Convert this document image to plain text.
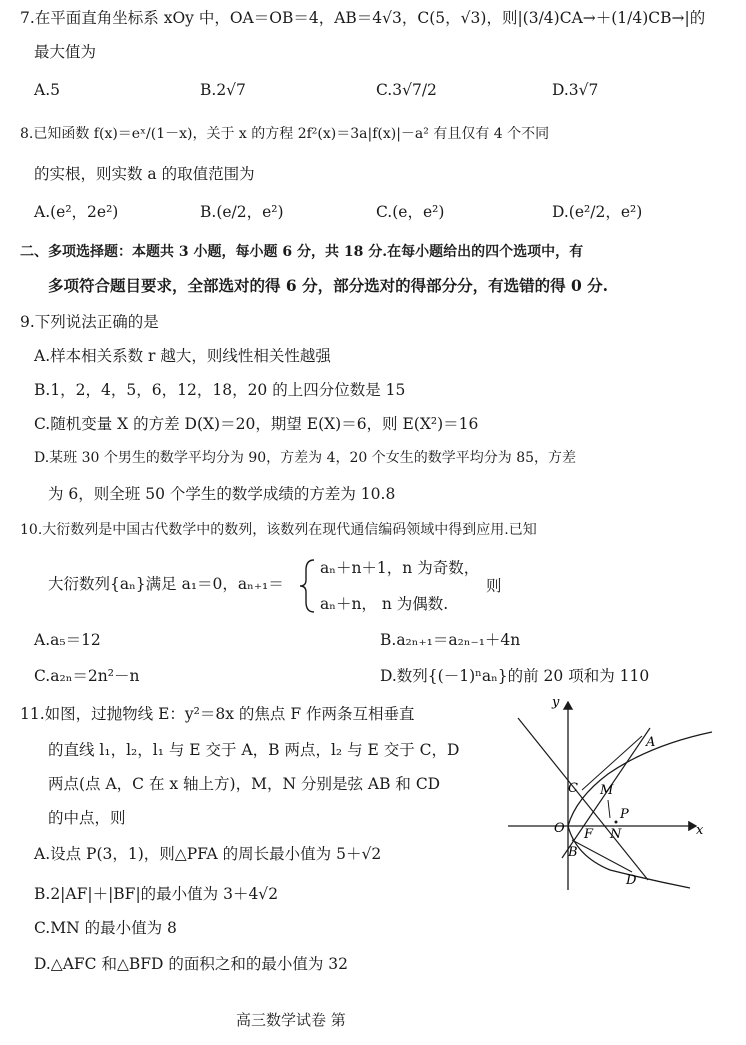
7.在平面直角坐标系 xOy 中，OA＝OB＝4，AB＝4√3，C(5，√3)，则|(3/4)CA→＋(1/4)CB→|的
最大值为
A.5	B.2√7	C.3√7/2	D.3√7
8.已知函数 f(x)＝eˣ/(1－x)，关于 x 的方程 2f²(x)＝3a|f(x)|－a² 有且仅有 4 个不同
的实根，则实数 a 的取值范围为
A.(e²，2e²)	B.(e/2，e²)	C.(e，e²)	D.(e²/2，e²)
二、多项选择题：本题共 3 小题，每小题 6 分，共 18 分.在每小题给出的四个选项中，有
多项符合题目要求，全部选对的得 6 分，部分选对的得部分分，有选错的得 0 分.
9.下列说法正确的是
A.样本相关系数 r 越大，则线性相关性越强
B.1，2，4，5，6，12，18，20 的上四分位数是 15
C.随机变量 X 的方差 D(X)＝20，期望 E(X)＝6，则 E(X²)＝16
D.某班 30 个男生的数学平均分为 90，方差为 4，20 个女生的数学平均分为 85，方差
为 6，则全班 50 个学生的数学成绩的方差为 10.8
10.大衍数列是中国古代数学中的数列，该数列在现代通信编码领域中得到应用.已知
大衍数列{aₙ}满足 a₁＝0，aₙ₊₁＝
aₙ＋n＋1，n 为奇数，
aₙ＋n， n 为偶数.
则
A.a₅＝12	B.a₂ₙ₊₁＝a₂ₙ₋₁＋4n
C.a₂ₙ＝2n²－n	D.数列{(－1)ⁿaₙ}的前 20 项和为 110
11.如图，过抛物线 E：y²＝8x 的焦点 F 作两条互相垂直
的直线 l₁，l₂，l₁ 与 E 交于 A，B 两点，l₂ 与 E 交于 C，D
两点(点 A，C 在 x 轴上方)，M，N 分别是弦 AB 和 CD
的中点，则
A.设点 P(3，1)，则△PFA 的周长最小值为 5＋√2
B.2|AF|＋|BF|的最小值为 3＋4√2
C.MN 的最小值为 8
D.△AFC 和△BFD 的面积之和的最小值为 32
y
x
O
A
C M
P
F N
B
D
高三数学试卷 第
